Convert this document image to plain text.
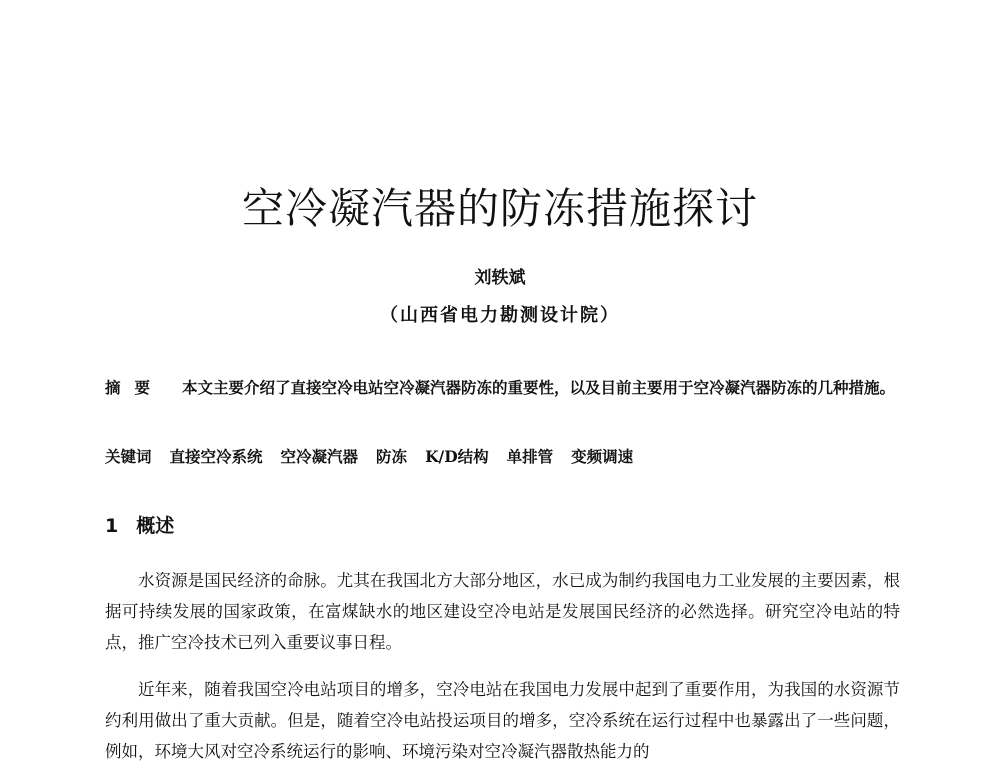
空冷凝汽器的防冻措施探讨
刘轶斌
（山西省电力勘测设计院）

摘要 本文主要介绍了直接空冷电站空冷凝汽器防冻的重要性，以及目前主要用于空冷凝汽器防冻的几种措施。

关键词 直接空冷系统 空冷凝汽器 防冻 K/D结构 单排管 变频调速

1 概述

水资源是国民经济的命脉。尤其在我国北方大部分地区，水已成为制约我国电力工业发展的主要因素，根据可持续发展的国家政策，在富煤缺水的地区建设空冷电站是发展国民经济的必然选择。研究空冷电站的特点，推广空冷技术已列入重要议事日程。

近年来，随着我国空冷电站项目的增多，空冷电站在我国电力发展中起到了重要作用，为我国的水资源节约利用做出了重大贡献。但是，随着空冷电站投运项目的增多，空冷系统在运行过程中也暴露出了一些问题，例如，环境大风对空冷系统运行的影响、环境污染对空冷凝汽器散热能力的
